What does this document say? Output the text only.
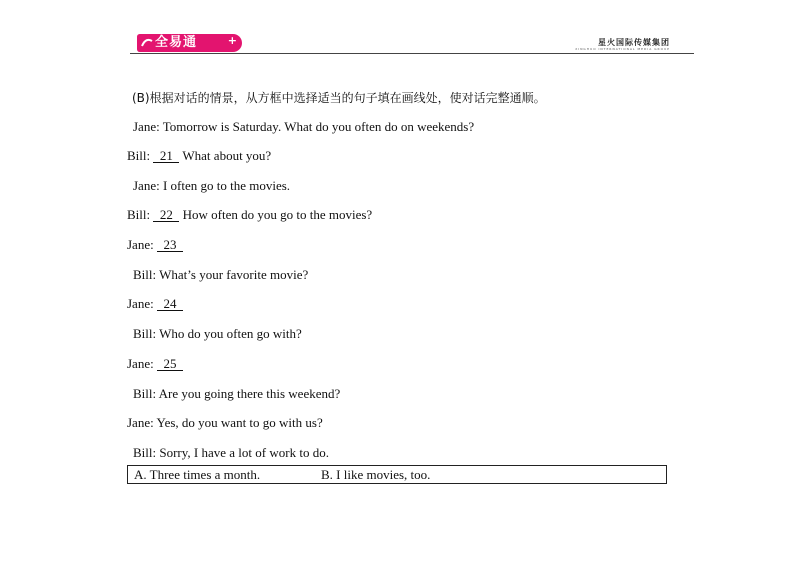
全易通	+	星火国际传媒集团
XINGHUO INTERNATIONAL MEDIA GROUP
(B)根据对话的情景，从方框中选择适当的句子填在画线处，使对话完整通顺。
Jane: Tomorrow is Saturday. What do you often do on weekends?
Bill: 21 What about you?
Jane: I often go to the movies.
Bill: 22 How often do you go to the movies?
Jane: 23
Bill: What’s your favorite movie?
Jane: 24
Bill: Who do you often go with?
Jane: 25
Bill: Are you going there this weekend?
Jane: Yes, do you want to go with us?
Bill: Sorry, I have a lot of work to do.
A. Three times a month.	B. I like movies, too.
